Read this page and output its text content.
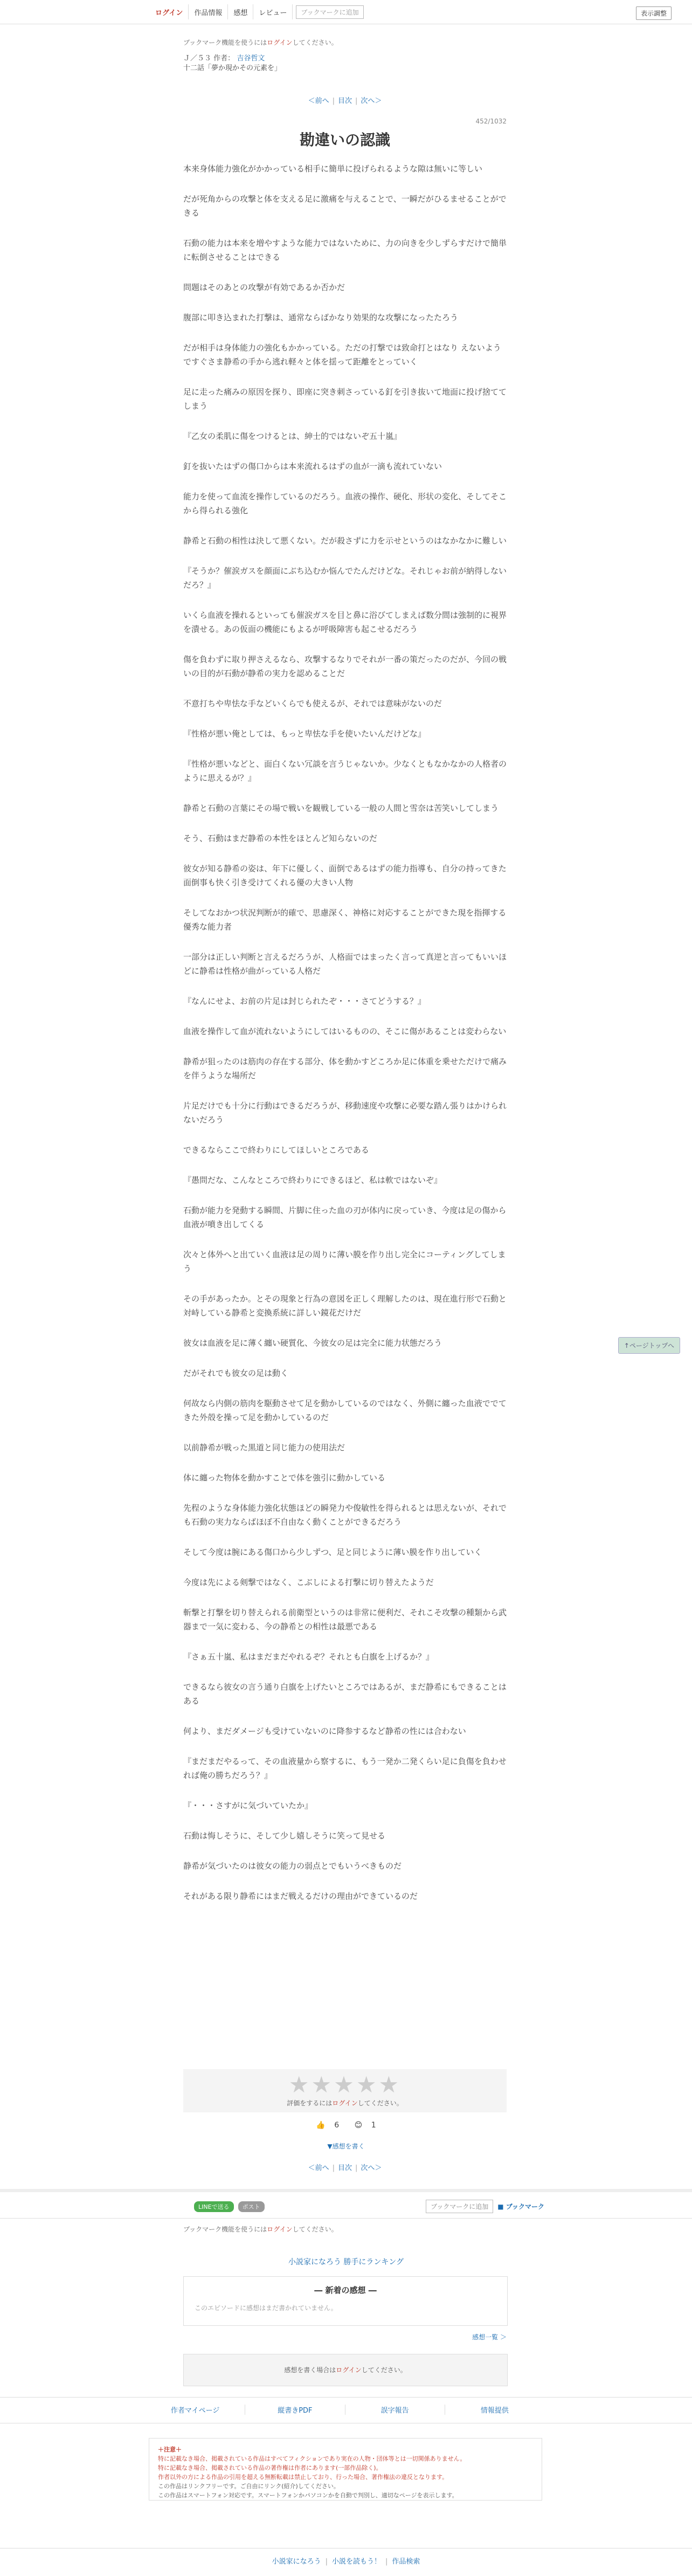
ログイン	作品情報	感想	レビュー	ブックマークに追加	表示調整
ブックマーク機能を使うにはログインしてください。
Ｊ／５３ 作者： 吉谷哲文
十二話「夢か現かその元素を」
＜前へ | 目次 | 次へ＞
452/1032
勘違いの認識

本来身体能力強化がかかっている相手に簡単に投げられるような隙は無いに等しい

だが死角からの攻撃と体を支える足に激痛を与えることで、一瞬だがひるませることができる

石動の能力は本来を増やすような能力ではないために、力の向きを少しずらすだけで簡単に転倒させることはできる

問題はそのあとの攻撃が有効であるか否かだ

腹部に叩き込まれた打撃は、通常ならばかなり効果的な攻撃になったたろう

だが相手は身体能力の強化もかかっている。ただの打撃では致命打とはなり えないようですぐさま静希の手から逃れ軽々と体を揺って距離をとっていく

足に走った痛みの原因を探り、即座に突き刺さっている釘を引き抜いて地面に投げ捨ててしまう

『乙女の柔肌に傷をつけるとは、紳士的ではないぞ五十嵐』

釘を抜いたはずの傷口からは本来流れるはずの血が一滴も流れていない

能力を使って血流を操作しているのだろう。血液の操作、硬化、形状の変化、そしてそこから得られる強化

静希と石動の相性は決して悪くない。だが殺さずに力を示せというのはなかなかに難しい

『そうか？催涙ガスを顔面にぶち込むか悩んでたんだけどな。それじゃお前が納得しないだろ？』

いくら血液を操れるといっても催涙ガスを目と鼻に浴びてしまえば数分間は強制的に視界を潰せる。あの仮面の機能にもよるが呼吸障害も起こせるだろう

傷を負わずに取り押さえるなら、攻撃するなりでそれが一番の策だったのだが、今回の戦いの目的が石動が静希の実力を認めることだ

不意打ちや卑怯な手などいくらでも使えるが、それでは意味がないのだ

『性格が悪い俺としては、もっと卑怯な手を使いたいんだけどな』

『性格が悪いなどと、面白くない冗談を言うじゃないか。少なくともなかなかの人格者のように思えるが？』

静希と石動の言葉にその場で戦いを観戦している一般の人間と雪奈は苦笑いしてしまう

そう、石動はまだ静希の本性をほとんど知らないのだ

彼女が知る静希の姿は、年下に優しく、面倒であるはずの能力指導も、自分の持ってきた面倒事も快く引き受けてくれる優の大きい人物

そしてなおかつ状況判断が的確で、思慮深く、神格に対応することができた現を指揮する優秀な能力者

一部分は正しい判断と言えるだろうが、人格面ではまったく言って真逆と言ってもいいほどに静希は性格が曲がっている人格だ

『なんにせよ、お前の片足は封じられたぞ・・・さてどうする？』

血液を操作して血が流れないようにしてはいるものの、そこに傷があることは変わらない

静希が狙ったのは筋肉の存在する部分、体を動かすどころか足に体重を乗せただけで痛みを伴うような場所だ

片足だけでも十分に行動はできるだろうが、移動速度や攻撃に必要な踏ん張りはかけられないだろう

できるならここで終わりにしてほしいところである

『愚問だな、こんなところで終わりにできるほど、私は軟ではないぞ』

石動が能力を発動する瞬間、片脚に住った血の刃が体内に戻っていき、今度は足の傷から血液が噴き出してくる

次々と体外へと出ていく血液は足の周りに薄い膜を作り出し完全にコーティングしてしまう

その手があったか。とその現象と行為の意図を正しく理解したのは、現在進行形で石動と対峙している静希と変換系統に詳しい鏡花だけだ

彼女は血液を足に薄く纏い硬質化、今彼女の足は完全に能力状態だろう

だがそれでも彼女の足は動く

何故なら内側の筋肉を駆動させて足を動かしているのではなく、外側に纏った血液ででてきた外殻を操って足を動かしているのだ

以前静希が戦った黒道と同じ能力の使用法だ

体に纏った物体を動かすことで体を強引に動かしている

先程のような身体能力強化状態ほどの瞬発力や俊敏性を得られるとは思えないが、それでも石動の実力ならばほぼ不自由なく動くことができるだろう

そして今度は腕にある傷口から少しずつ、足と同じように薄い膜を作り出していく

今度は先による剣撃ではなく、こぶしによる打撃に切り替えたようだ

斬撃と打撃を切り替えられる前衛型というのは非常に便利だ、それこそ攻撃の種類から武器まで一気に変わる、今の静希との相性は最悪である

『さぁ五十嵐、私はまだまだやれるぞ？それとも白旗を上げるか？』

できるなら彼女の言う通り白旗を上げたいところではあるが、まだ静希にもできることはある

何より、まだダメージも受けていないのに降参するなど静希の性には合わない

『まだまだやるって、その血液量から察するに、もう一発か二発くらい足に負傷を負わせれば俺の勝ちだろう？』

『・・・さすがに気づいていたか』

石動は悔しそうに、そして少し嬉しそうに笑って見せる

静希が気づいたのは彼女の能力の弱点とでもいうべきものだ

それがある限り静希にはまだ戦えるだけの理由ができているのだ

↑ページトップへ
★★★★★
評価をするにはログインしてください。
👍 6 😊 1
▼感想を書く
＜前へ | 目次 | 次へ＞
LINEで送る	ポスト	ブックマークに追加	■ ブックマーク
ブックマーク機能を使うにはログインしてください。
小説家になろう 勝手にランキング
― 新着の感想 ―
このエピソードに感想はまだ書かれていません。
感想一覧 ＞
感想を書く場合はログインしてください。
作者マイページ	縦書きPDF	誤字報告	情報提供
＋注意＋
特に記載なき場合、掲載されている作品はすべてフィクションであり実在の人物・団体等とは一切関係ありません。
特に記載なき場合、掲載されている作品の著作権は作者にあります(一部作品除く)。
作者以外の方による作品の引用を超える無断転載は禁止しており、行った場合、著作権法の違反となります。
この作品はリンクフリーです。ご自由にリンク(紹介)してください。
この作品はスマートフォン対応です。スマートフォンかパソコンかを自動で判別し、適切なページを表示します。
小説家になろう | 小説を読もう！ | 作品検索
